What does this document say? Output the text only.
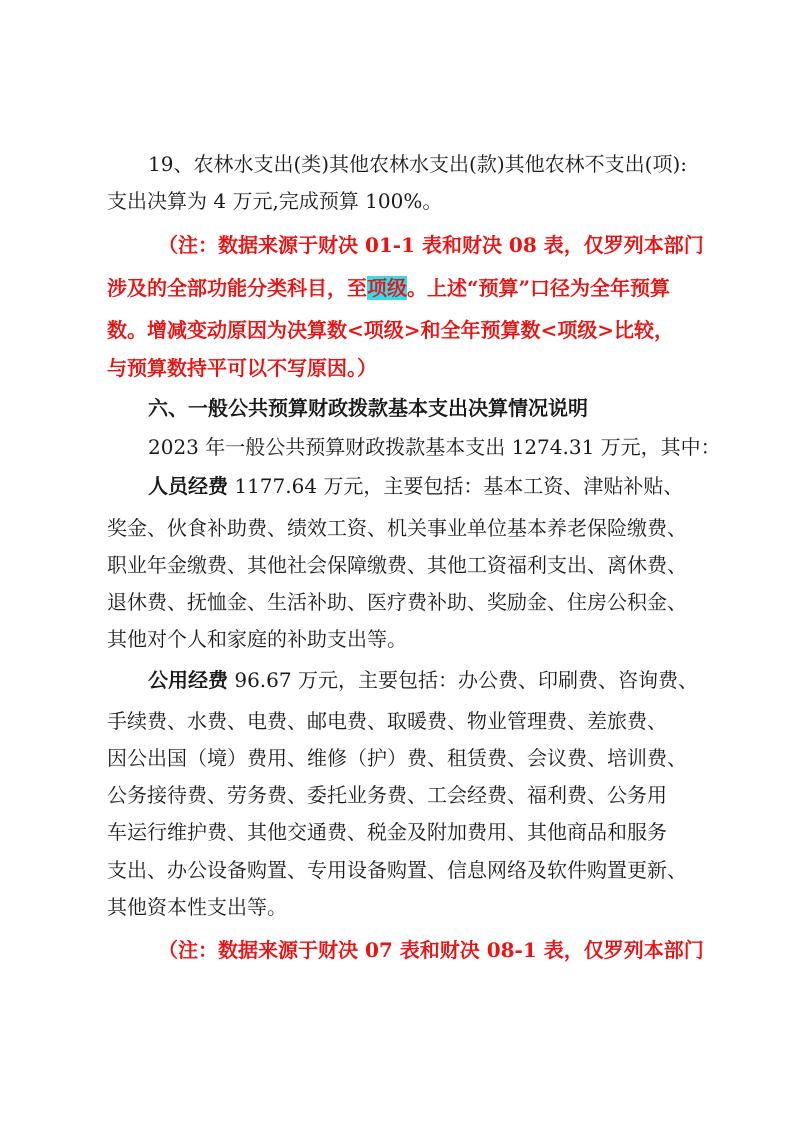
19、农林水支出(类)其他农林水支出(款)其他农林不支出(项):

支出决算为 4 万元,完成预算 100%。

（注：数据来源于财决 01-1 表和财决 08 表，仅罗列本部门

涉及的全部功能分类科目，至项级。上述“预算”口径为全年预算

数。增减变动原因为决算数<项级>和全年预算数<项级>比较，

与预算数持平可以不写原因。）

六、一般公共预算财政拨款基本支出决算情况说明

2023 年一般公共预算财政拨款基本支出 1274.31 万元，其中：

人员经费 1177.64 万元，主要包括：基本工资、津贴补贴、

奖金、伙食补助费、绩效工资、机关事业单位基本养老保险缴费、

职业年金缴费、其他社会保障缴费、其他工资福利支出、离休费、

退休费、抚恤金、生活补助、医疗费补助、奖励金、住房公积金、

其他对个人和家庭的补助支出等。

公用经费 96.67 万元，主要包括：办公费、印刷费、咨询费、

手续费、水费、电费、邮电费、取暖费、物业管理费、差旅费、

因公出国（境）费用、维修（护）费、租赁费、会议费、培训费、

公务接待费、劳务费、委托业务费、工会经费、福利费、公务用

车运行维护费、其他交通费、税金及附加费用、其他商品和服务

支出、办公设备购置、专用设备购置、信息网络及软件购置更新、

其他资本性支出等。

（注：数据来源于财决 07 表和财决 08-1 表，仅罗列本部门
